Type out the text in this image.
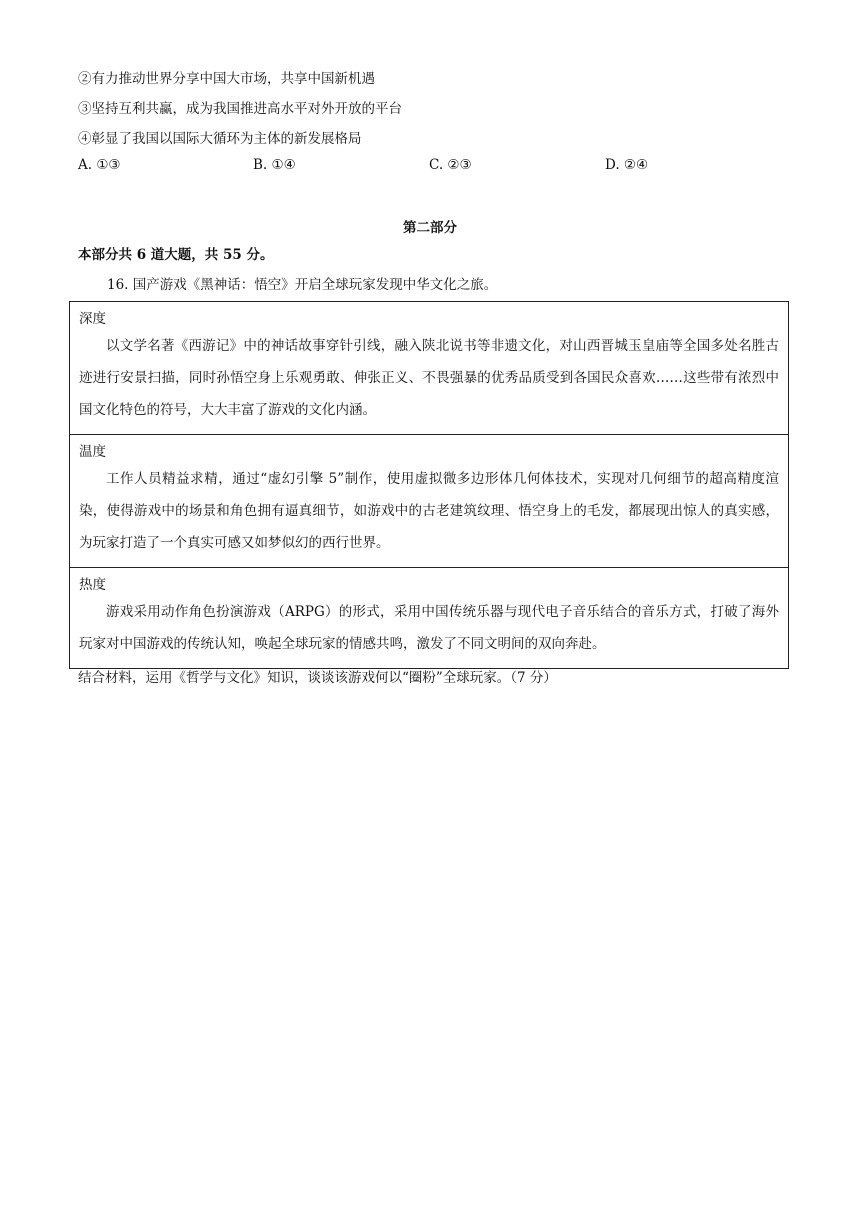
②有力推动世界分享中国大市场，共享中国新机遇
③坚持互利共赢，成为我国推进高水平对外开放的平台
④彰显了我国以国际大循环为主体的新发展格局
A. ①③	B. ①④	C. ②③	D. ②④
第二部分
本部分共 6 道大题，共 55 分。
16. 国产游戏《黑神话：悟空》开启全球玩家发现中华文化之旅。
深度
以文学名著《西游记》中的神话故事穿针引线，融入陕北说书等非遗文化，对山西晋城玉皇庙等全国多处名胜古迹进行安景扫描，同时孙悟空身上乐观勇敢、伸张正义、不畏强暴的优秀品质受到各国民众喜欢……这些带有浓烈中国文化特色的符号，大大丰富了游戏的文化内涵。
温度
工作人员精益求精，通过“虚幻引擎 5”制作，使用虚拟微多边形体几何体技术，实现对几何细节的超高精度渲染，使得游戏中的场景和角色拥有逼真细节，如游戏中的古老建筑纹理、悟空身上的毛发，都展现出惊人的真实感，为玩家打造了一个真实可感又如梦似幻的西行世界。
热度
游戏采用动作角色扮演游戏（ARPG）的形式，采用中国传统乐器与现代电子音乐结合的音乐方式，打破了海外玩家对中国游戏的传统认知，唤起全球玩家的情感共鸣，激发了不同文明间的双向奔赴。
结合材料，运用《哲学与文化》知识，谈谈该游戏何以“圈粉”全球玩家。（7 分）
